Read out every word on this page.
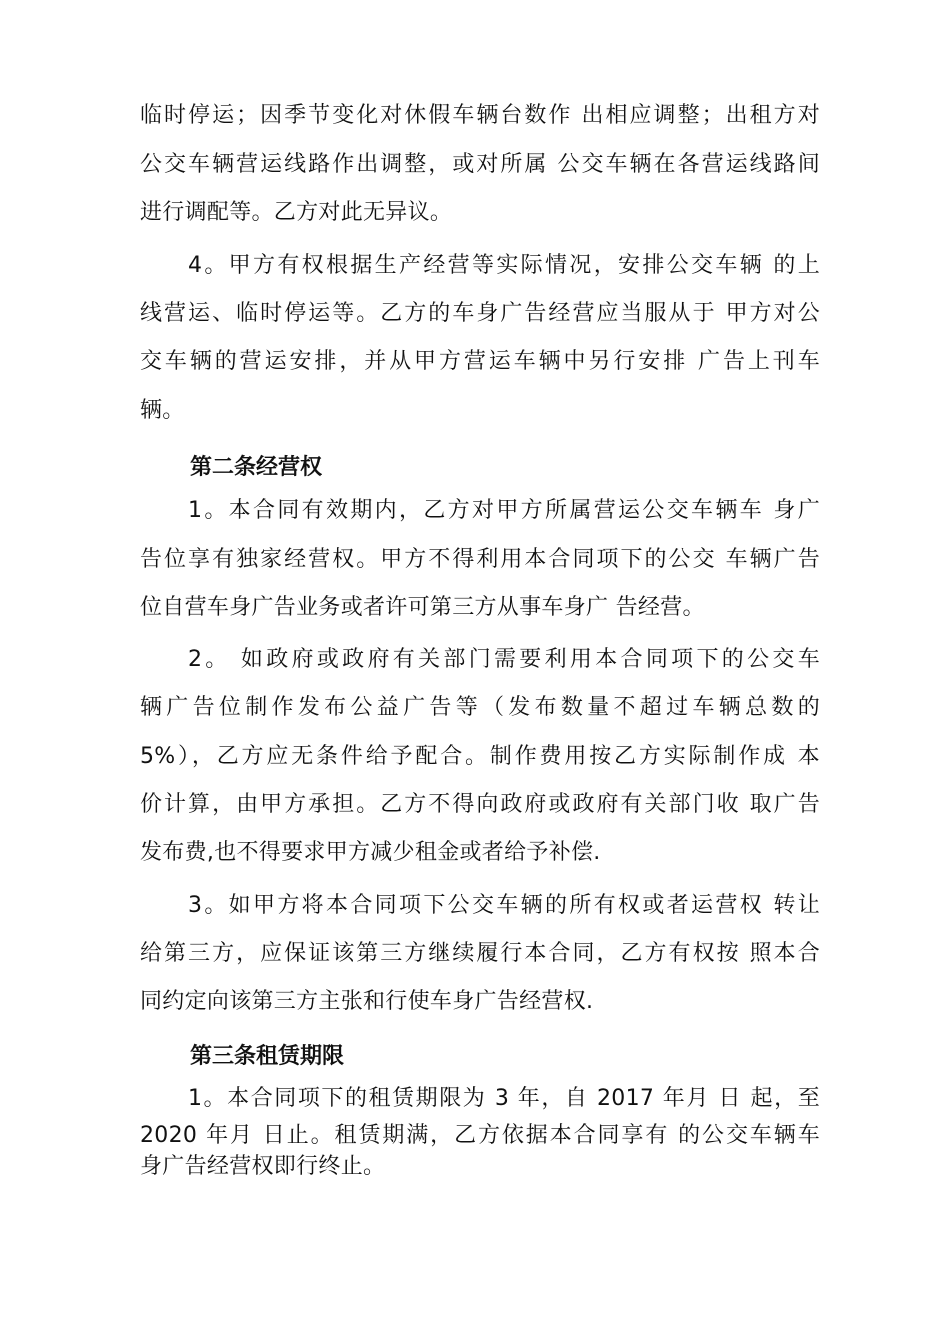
临时停运；因季节变化对休假车辆台数作 出相应调整；出租方对
公交车辆营运线路作出调整，或对所属 公交车辆在各营运线路间
进行调配等。乙方对此无异议。
4。甲方有权根据生产经营等实际情况，安排公交车辆 的上
线营运、临时停运等。乙方的车身广告经营应当服从于 甲方对公
交车辆的营运安排，并从甲方营运车辆中另行安排 广告上刊车
辆。
第二条经营权
1。本合同有效期内，乙方对甲方所属营运公交车辆车 身广
告位享有独家经营权。甲方不得利用本合同项下的公交 车辆广告
位自营车身广告业务或者许可第三方从事车身广 告经营。
2。 如政府或政府有关部门需要利用本合同项下的公交车
辆广告位制作发布公益广告等（发布数量不超过车辆总数的
5%），乙方应无条件给予配合。制作费用按乙方实际制作成 本
价计算，由甲方承担。乙方不得向政府或政府有关部门收 取广告
发布费,也不得要求甲方减少租金或者给予补偿.
3。如甲方将本合同项下公交车辆的所有权或者运营权 转让
给第三方，应保证该第三方继续履行本合同，乙方有权按 照本合
同约定向该第三方主张和行使车身广告经营权.
第三条租赁期限
1。本合同项下的租赁期限为 3 年，自 2017 年月 日 起，至
2020 年月 日止。租赁期满，乙方依据本合同享有 的公交车辆车
身广告经营权即行终止。
